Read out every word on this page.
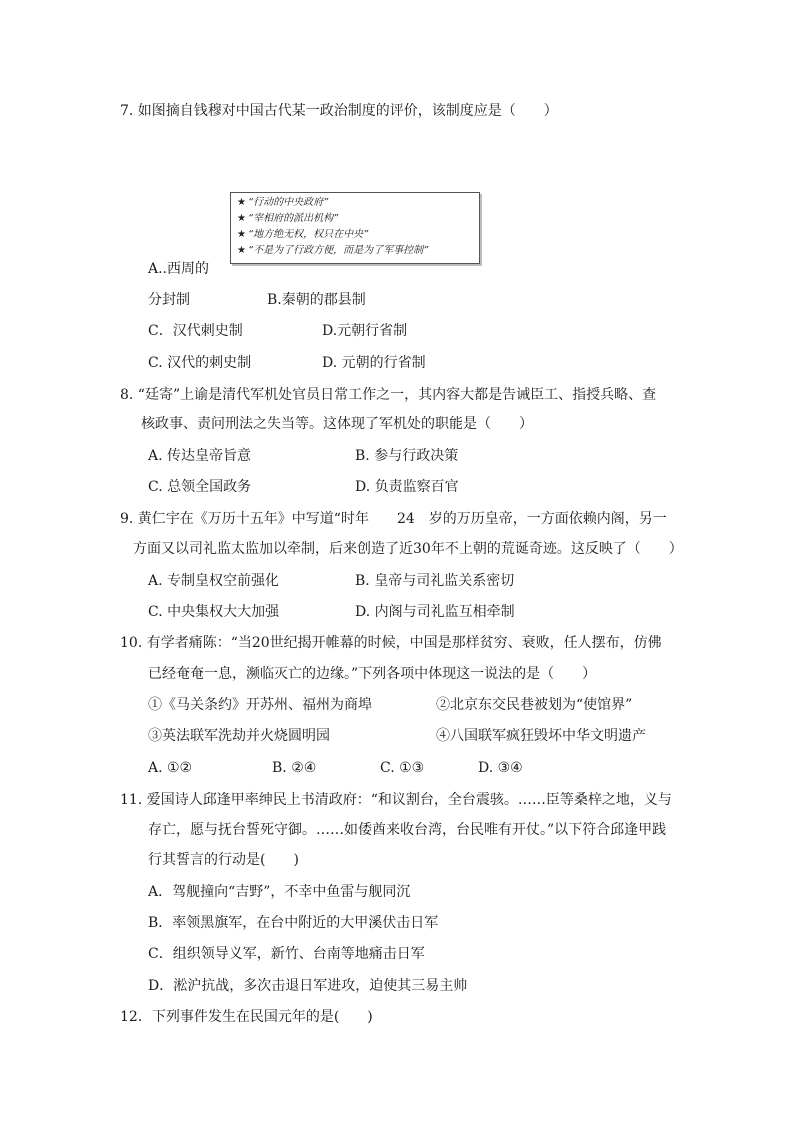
7. 如图摘自钱穆对中国古代某一政治制度的评价，该制度应是（　　）
★ “行动的中央政府”
★ “宰相府的派出机构”
★ “地方绝无权，权只在中央”
★ “不是为了行政方便，而是为了军事控制”
A..西周的
分封制	B.秦朝的郡县制
C．汉代刺史制	D.元朝行省制
C. 汉代的刺史制	D. 元朝的行省制
8. “廷寄”上谕是清代军机处官员日常工作之一，其内容大都是告诫臣工、指授兵略、查
核政事、责问刑法之失当等。这体现了军机处的职能是（　　）
A. 传达皇帝旨意	B. 参与行政决策
C. 总领全国政务	D. 负责监察百官
9. 黄仁宇在《万历十五年》中写道“时年　　24　岁的万历皇帝，一方面依赖内阁，另一
方面又以司礼监太监加以牵制，后来创造了近30年不上朝的荒诞奇迹。这反映了（　　）
A. 专制皇权空前强化	B. 皇帝与司礼监关系密切
C. 中央集权大大加强	D. 内阁与司礼监互相牵制
10. 有学者痛陈：“当20世纪揭开帷幕的时候，中国是那样贫穷、衰败，任人摆布，仿佛
已经奄奄一息，濒临灭亡的边缘。”下列各项中体现这一说法的是（　　）
①《马关条约》开苏州、福州为商埠	②北京东交民巷被划为“使馆界”
③英法联军洗劫并火烧圆明园	④八国联军疯狂毁坏中华文明遗产
A. ①②	B. ②④	C. ①③	D. ③④
11. 爱国诗人邱逢甲率绅民上书清政府：“和议割台，全台震骇。……臣等桑梓之地，义与
存亡，愿与抚台誓死守御。……如倭酋来收台湾，台民唯有开仗。”以下符合邱逢甲践
行其誓言的行动是(　　)
A．驾舰撞向“吉野”，不幸中鱼雷与舰同沉
B．率领黑旗军，在台中附近的大甲溪伏击日军
C．组织领导义军，新竹、台南等地痛击日军
D．淞沪抗战，多次击退日军进攻，迫使其三易主帅
12．下列事件发生在民国元年的是(　　)
